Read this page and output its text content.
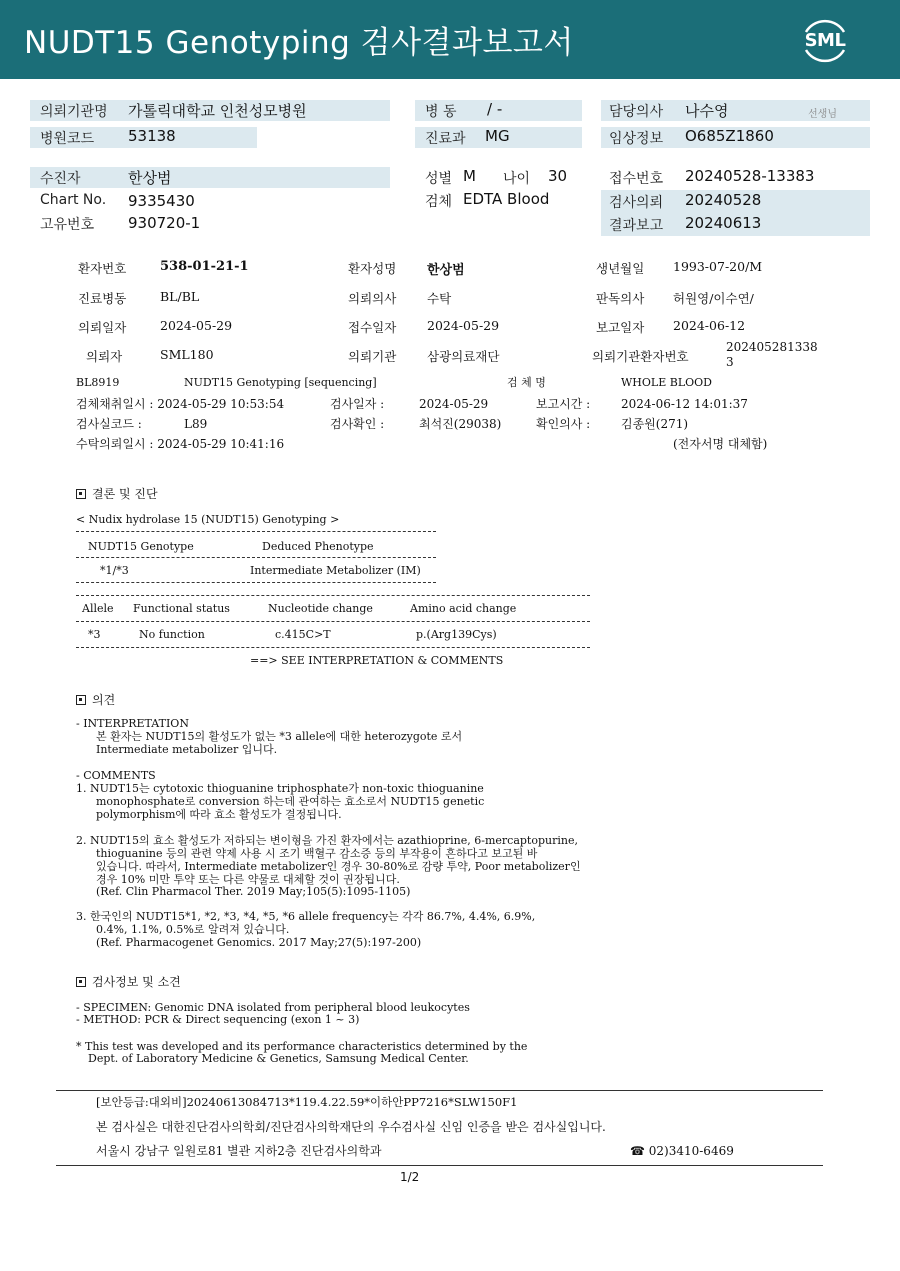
NUDT15 Genotyping 검사결과보고서	SML
의뢰기관명 가톨릭대학교 인천성모병원	병 동 / -	담당의사 나수영	선생님
병원코드 53138	진료과 MG	임상정보 O685Z1860
수진자	한상범	성별 M 나이 30	접수번호 20240528-13383
Chart No. 9335430	검체 EDTA Blood	검사의뢰 20240528
고유번호 930720-1	결과보고 20240613
환자번호	538-01-21-1	환자성명 한상범	생년월일 1993-07-20/M
진료병동	BL/BL	의뢰의사 수탁	판독의사 허원영/이수연/
의뢰일자	2024-05-29	접수일자 2024-05-29	보고일자 2024-06-12
의뢰자	SML180	의뢰기관 삼광의료재단	의뢰기관환자번호
202405281338
3
BL8919	NUDT15 Genotyping [sequencing]	검 체 명	WHOLE BLOOD
검체채취일시 : 2024-05-29 10:53:54	검사일자 :	2024-05-29	보고시간 :	2024-06-12 14:01:37
검사실코드 :	L89	검사확인 :	최석진(29038)	확인의사 :	김종원(271)
수탁의뢰일시 : 2024-05-29 10:41:16	(전자서명 대체함)
결론 및 진단
< Nudix hydrolase 15 (NUDT15) Genotyping >
NUDT15 Genotype	Deduced Phenotype
*1/*3	Intermediate Metabolizer (IM)
Allele Functional status	Nucleotide change	Amino acid change
*3	No function	c.415C>T	p.(Arg139Cys)
==> SEE INTERPRETATION & COMMENTS
의견
- INTERPRETATION
본 환자는 NUDT15의 활성도가 없는 *3 allele에 대한 heterozygote 로서
Intermediate metabolizer 입니다.
- COMMENTS
1. NUDT15는 cytotoxic thioguanine triphosphate가 non-toxic thioguanine
monophosphate로 conversion 하는데 관여하는 효소로서 NUDT15 genetic
polymorphism에 따라 효소 활성도가 결정됩니다.
2. NUDT15의 효소 활성도가 저하되는 변이형을 가진 환자에서는 azathioprine, 6-mercaptopurine,
thioguanine 등의 관련 약제 사용 시 조기 백혈구 감소증 등의 부작용이 흔하다고 보고된 바
있습니다. 따라서, Intermediate metabolizer인 경우 30-80%로 감량 투약, Poor metabolizer인
경우 10% 미만 투약 또는 다른 약물로 대체할 것이 권장됩니다.
(Ref. Clin Pharmacol Ther. 2019 May;105(5):1095-1105)
3. 한국인의 NUDT15*1, *2, *3, *4, *5, *6 allele frequency는 각각 86.7%, 4.4%, 6.9%,
0.4%, 1.1%, 0.5%로 알려져 있습니다.
(Ref. Pharmacogenet Genomics. 2017 May;27(5):197-200)
검사정보 및 소견
- SPECIMEN: Genomic DNA isolated from peripheral blood leukocytes
- METHOD: PCR & Direct sequencing (exon 1 ~ 3)
* This test was developed and its performance characteristics determined by the
Dept. of Laboratory Medicine & Genetics, Samsung Medical Center.
[보안등급:대외비]20240613084713*119.4.22.59*이하안PP7216*SLW150F1
본 검사실은 대한진단검사의학회/진단검사의학재단의 우수검사실 신임 인증을 받은 검사실입니다.
서울시 강남구 일원로81 별관 지하2층 진단검사의학과	☎ 02)3410-6469
1/2
